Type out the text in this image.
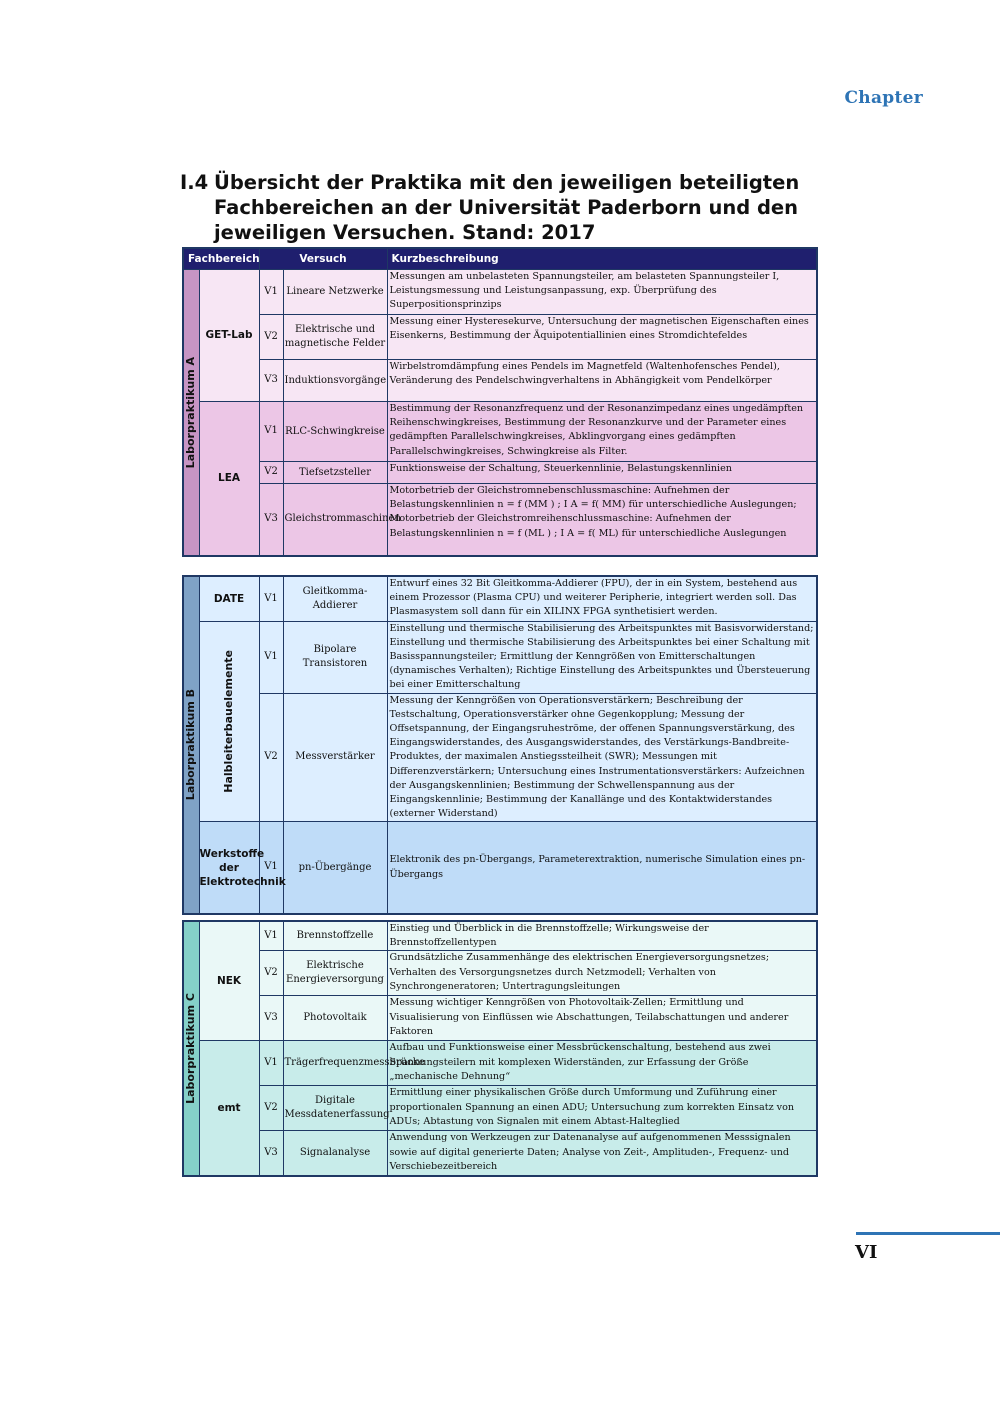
Chapter
I.4 Übersicht der Praktika mit den jeweiligen beteiligten Fachbereichen an der Universität Paderborn und den jeweiligen Versuchen. Stand: 2017
Fachbereich		Versuch		Kurzbeschreibung

Laborpraktikum A	GET-Lab	V1	Lineare Netzwerke	Messungen am unbelasteten Spannungsteiler, am belasteten Spannungsteiler I, Leistungsmessung und Leistungsanpassung, exp. Überprüfung des Superpositionsprinzips
		V2	Elektrische und magnetische Felder	Messung einer Hysteresekurve, Untersuchung der magnetischen Eigenschaften eines Eisenkerns, Bestimmung der Äquipotentiallinien eines Stromdichtefeldes
		V3	Induktionsvorgänge	Wirbelstromdämpfung eines Pendels im Magnetfeld (Waltenhofensches Pendel), Veränderung des Pendelschwingverhaltens in Abhängigkeit vom Pendelkörper
	LEA	V1	RLC-Schwingkreise	Bestimmung der Resonanzfrequenz und der Resonanzimpedanz eines ungedämpften Reihenschwingkreises, Bestimmung der Resonanzkurve und der Parameter eines gedämpften Parallelschwingkreises, Abklingvorgang eines gedämpften Parallelschwingkreises, Schwingkreise als Filter.
		V2	Tiefsetzsteller	Funktionsweise der Schaltung, Steuerkennlinie, Belastungskennlinien
		V3	Gleichstrommaschinen	Motorbetrieb der Gleichstromnebenschlussmaschine: Aufnehmen der Belastungskennlinien n = f (MM ) ; I A = f( MM) für unterschiedliche Auslegungen; Motorbetrieb der Gleichstromreihenschlussmaschine: Aufnehmen der Belastungskennlinien n = f (ML ) ; I A = f( ML) für unterschiedliche Auslegungen
Laborpraktikum B	DATE	V1	Gleitkomma-Addierer	Entwurf eines 32 Bit Gleitkomma-Addierer (FPU), der in ein System, bestehend aus einem Prozessor (Plasma CPU) und weiterer Peripherie, integriert werden soll. Das Plasmasystem soll dann für ein XILINX FPGA synthetisiert werden.

	Halbleiterbauelemente	V1	Bipolare Transistoren	Einstellung und thermische Stabilisierung des Arbeitspunktes mit Basisvorwiderstand; Einstellung und thermische Stabilisierung des Arbeitspunktes bei einer Schaltung mit Basisspannungsteiler; Ermittlung der Kenngrößen von Emitterschaltungen (dynamisches Verhalten); Richtige Einstellung des Arbeitspunktes und Übersteuerung bei einer Emitterschaltung
		V2	Messverstärker	Messung der Kenngrößen von Operationsverstärkern; Beschreibung der Testschaltung, Operationsverstärker ohne Gegenkopplung; Messung der Offsetspannung, der Eingangsruheströme, der offenen Spannungsverstärkung, des Eingangswiderstandes, des Ausgangswiderstandes, des Verstärkungs-Bandbreite-Produktes, der maximalen Anstiegssteilheit (SWR); Messungen mit Differenzverstärkern; Untersuchung eines Instrumentationsverstärkers: Aufzeichnen der Ausgangskennlinien; Bestimmung der Schwellenspannung aus der Eingangskennlinie; Bestimmung der Kanallänge und des Kontaktwiderstandes (externer Widerstand)
	Werkstoffe der Elektrotechnik	V1	pn-Übergänge	Elektronik des pn-Übergangs, Parameterextraktion, numerische Simulation eines pn-Übergangs
Laborpraktikum C	NEK	V1	Brennstoffzelle	Einstieg und Überblick in die Brennstoffzelle; Wirkungsweise der Brennstoffzellentypen
		V2	Elektrische Energieversorgung	Grundsätzliche Zusammenhänge des elektrischen Energieversorgungsnetzes; Verhalten des Versorgungsnetzes durch Netzmodell; Verhalten von Synchrongeneratoren; Untertragungsleitungen
		V3	Photovoltaik	Messung wichtiger Kenngrößen von Photovoltaik-Zellen; Ermittlung und Visualisierung von Einflüssen wie Abschattungen, Teilabschattungen und anderer Faktoren
	emt	V1	Trägerfrequenzmessbrücke	Aufbau und Funktionsweise einer Messbrückenschaltung, bestehend aus zwei Spannungsteilern mit komplexen Widerständen, zur Erfassung der Größe „mechanische Dehnung“
		V2	Digitale Messdatenerfassung	Ermittlung einer physikalischen Größe durch Umformung und Zuführung einer proportionalen Spannung an einen ADU; Untersuchung zum korrekten Einsatz von ADUs; Abtastung von Signalen mit einem Abtast-Halteglied
		V3	Signalanalyse	Anwendung von Werkzeugen zur Datenanalyse auf aufgenommenen Messsignalen sowie auf digital generierte Daten; Analyse von Zeit-, Amplituden-, Frequenz- und Verschiebezeitbereich
VI
